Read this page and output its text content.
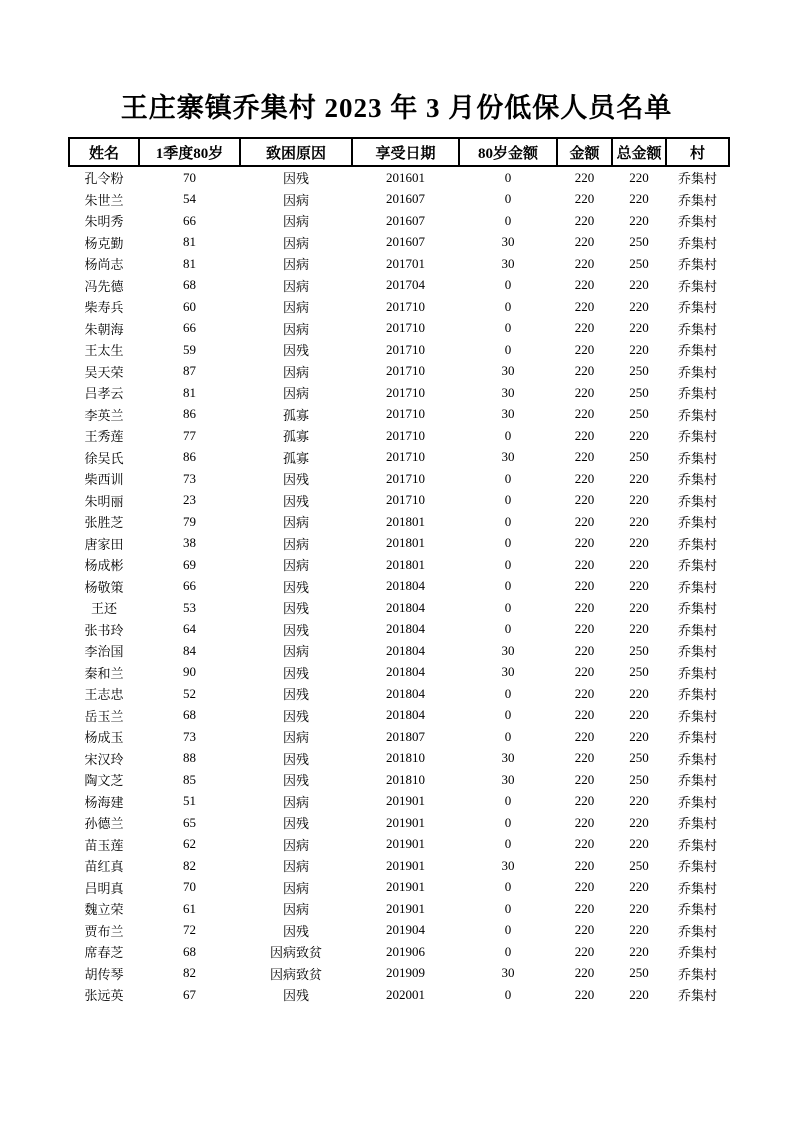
王庄寨镇乔集村 2023 年 3 月份低保人员名单
姓名	1季度80岁	致困原因	享受日期	80岁金额	金额	总金额	村
孔令粉	70	因残	201601	0	220	220	乔集村
朱世兰	54	因病	201607	0	220	220	乔集村
朱明秀	66	因病	201607	0	220	220	乔集村
杨克勤	81	因病	201607	30	220	250	乔集村
杨尚志	81	因病	201701	30	220	250	乔集村
冯先德	68	因病	201704	0	220	220	乔集村
柴寿兵	60	因病	201710	0	220	220	乔集村
朱朝海	66	因病	201710	0	220	220	乔集村
王太生	59	因残	201710	0	220	220	乔集村
吴天荣	87	因病	201710	30	220	250	乔集村
吕孝云	81	因病	201710	30	220	250	乔集村
李英兰	86	孤寡	201710	30	220	250	乔集村
王秀莲	77	孤寡	201710	0	220	220	乔集村
徐吴氏	86	孤寡	201710	30	220	250	乔集村
柴西训	73	因残	201710	0	220	220	乔集村
朱明丽	23	因残	201710	0	220	220	乔集村
张胜芝	79	因病	201801	0	220	220	乔集村
唐家田	38	因病	201801	0	220	220	乔集村
杨成彬	69	因病	201801	0	220	220	乔集村
杨敬策	66	因残	201804	0	220	220	乔集村
王还	53	因残	201804	0	220	220	乔集村
张书玲	64	因残	201804	0	220	220	乔集村
李治国	84	因病	201804	30	220	250	乔集村
秦和兰	90	因残	201804	30	220	250	乔集村
王志忠	52	因残	201804	0	220	220	乔集村
岳玉兰	68	因残	201804	0	220	220	乔集村
杨成玉	73	因病	201807	0	220	220	乔集村
宋汉玲	88	因残	201810	30	220	250	乔集村
陶文芝	85	因残	201810	30	220	250	乔集村
杨海建	51	因病	201901	0	220	220	乔集村
孙德兰	65	因残	201901	0	220	220	乔集村
苗玉莲	62	因病	201901	0	220	220	乔集村
苗红真	82	因病	201901	30	220	250	乔集村
吕明真	70	因病	201901	0	220	220	乔集村
魏立荣	61	因病	201901	0	220	220	乔集村
贾布兰	72	因残	201904	0	220	220	乔集村
席春芝	68	因病致贫	201906	0	220	220	乔集村
胡传琴	82	因病致贫	201909	30	220	250	乔集村
张远英	67	因残	202001	0	220	220	乔集村
